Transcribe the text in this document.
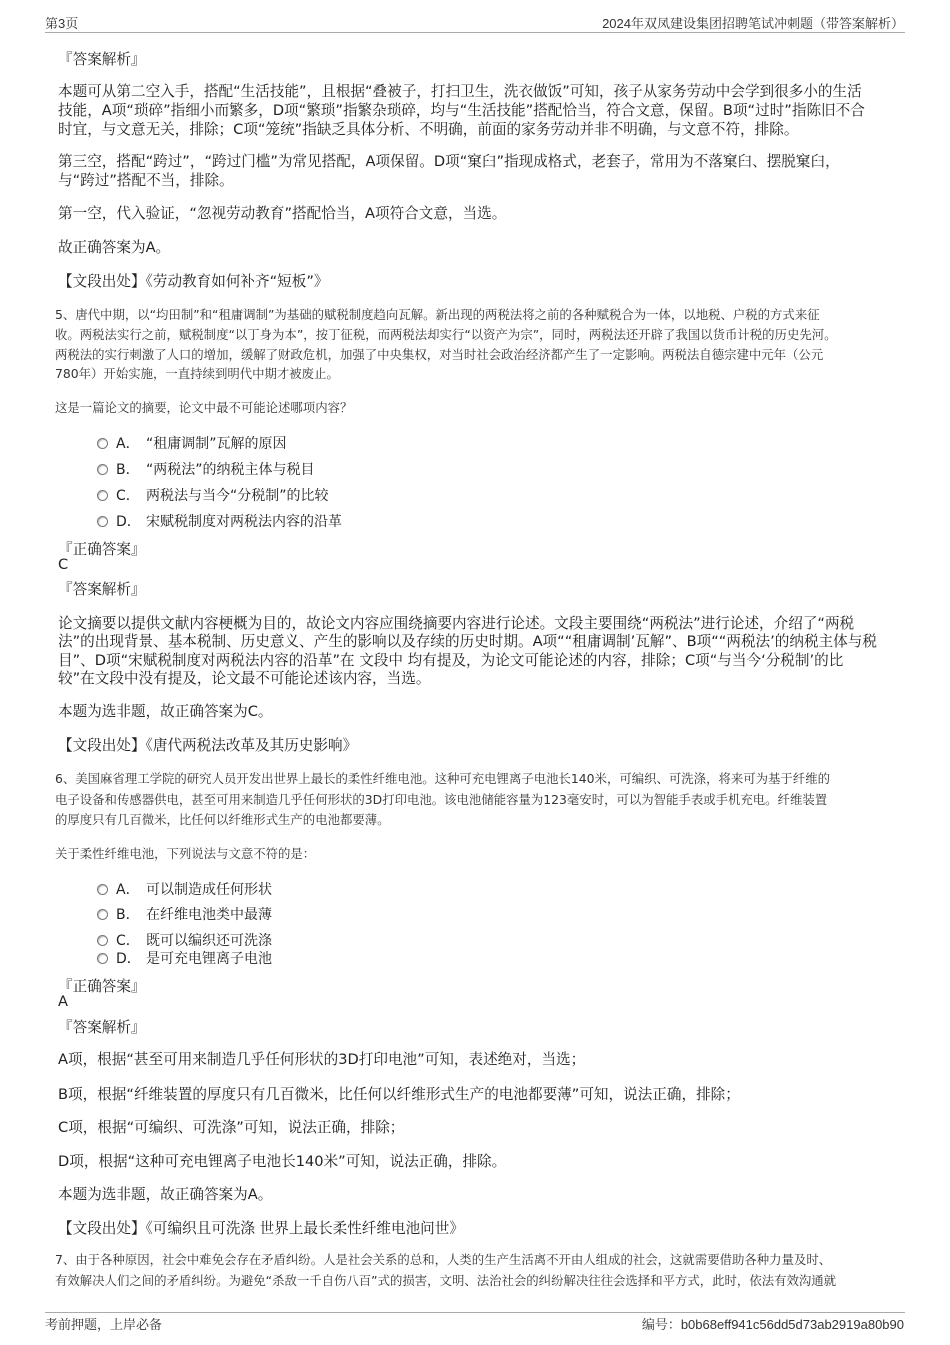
第3页	2024年双凤建设集团招聘笔试冲刺题（带答案解析）
『答案解析』
本题可从第二空入手，搭配“生活技能”，且根据“叠被子，打扫卫生，洗衣做饭”可知，孩子从家务劳动中会学到很多小的生活
技能，A项“琐碎”指细小而繁多，D项“繁琐”指繁杂琐碎，均与“生活技能”搭配恰当，符合文意，保留。B项“过时”指陈旧不合
时宜，与文意无关，排除；C项“笼统”指缺乏具体分析、不明确，前面的家务劳动并非不明确，与文意不符，排除。
第三空，搭配“跨过”，“跨过门槛”为常见搭配，A项保留。D项“窠臼”指现成格式，老套子，常用为不落窠臼、摆脱窠臼，
与“跨过”搭配不当，排除。
第一空，代入验证，“忽视劳动教育”搭配恰当，A项符合文意，当选。
故正确答案为A。
【文段出处】《劳动教育如何补齐“短板”》
5、唐代中期，以“均田制”和“租庸调制”为基础的赋税制度趋向瓦解。新出现的两税法将之前的各种赋税合为一体，以地税、户税的方式来征
收。两税法实行之前，赋税制度“以丁身为本”，按丁征税，而两税法却实行“以资产为宗”，同时，两税法还开辟了我国以货币计税的历史先河。
两税法的实行刺激了人口的增加，缓解了财政危机，加强了中央集权，对当时社会政治经济都产生了一定影响。两税法自德宗建中元年（公元
780年）开始实施，一直持续到明代中期才被废止。
这是一篇论文的摘要，论文中最不可能论述哪项内容？
A． “租庸调制”瓦解的原因
B． “两税法”的纳税主体与税目
C． 两税法与当今“分税制”的比较
D． 宋赋税制度对两税法内容的沿革
『正确答案』
C
『答案解析』
论文摘要以提供文献内容梗概为目的，故论文内容应围绕摘要内容进行论述。文段主要围绕“两税法”进行论述，介绍了“两税
法”的出现背景、基本税制、历史意义、产生的影响以及存续的历史时期。A项““租庸调制’瓦解”、B项““两税法’的纳税主体与税
目”、D项“宋赋税制度对两税法内容的沿革”在 文段中 均有提及，为论文可能论述的内容，排除；C项“与当今‘分税制’的比
较”在文段中没有提及，论文最不可能论述该内容，当选。
本题为选非题，故正确答案为C。
【文段出处】《唐代两税法改革及其历史影响》
6、美国麻省理工学院的研究人员开发出世界上最长的柔性纤维电池。这种可充电锂离子电池长140米，可编织、可洗涤，将来可为基于纤维的
电子设备和传感器供电，甚至可用来制造几乎任何形状的3D打印电池。该电池储能容量为123毫安时，可以为智能手表或手机充电。纤维装置
的厚度只有几百微米，比任何以纤维形式生产的电池都要薄。
关于柔性纤维电池，下列说法与文意不符的是：
A． 可以制造成任何形状
B． 在纤维电池类中最薄
C． 既可以编织还可洗涤
D． 是可充电锂离子电池
『正确答案』
A
『答案解析』
A项，根据“甚至可用来制造几乎任何形状的3D打印电池”可知，表述绝对，当选；
B项，根据“纤维装置的厚度只有几百微米，比任何以纤维形式生产的电池都要薄”可知，说法正确，排除；
C项，根据“可编织、可洗涤”可知，说法正确，排除；
D项，根据“这种可充电锂离子电池长140米”可知，说法正确，排除。
本题为选非题，故正确答案为A。
【文段出处】《可编织且可洗涤 世界上最长柔性纤维电池问世》
7、由于各种原因，社会中难免会存在矛盾纠纷。人是社会关系的总和，人类的生产生活离不开由人组成的社会，这就需要借助各种力量及时、
有效解决人们之间的矛盾纠纷。为避免“杀敌一千自伤八百”式的损害，文明、法治社会的纠纷解决往往会选择和平方式，此时，依法有效沟通就
考前押题，上岸必备	编号：b0b68eff941c56dd5d73ab2919a80b90
